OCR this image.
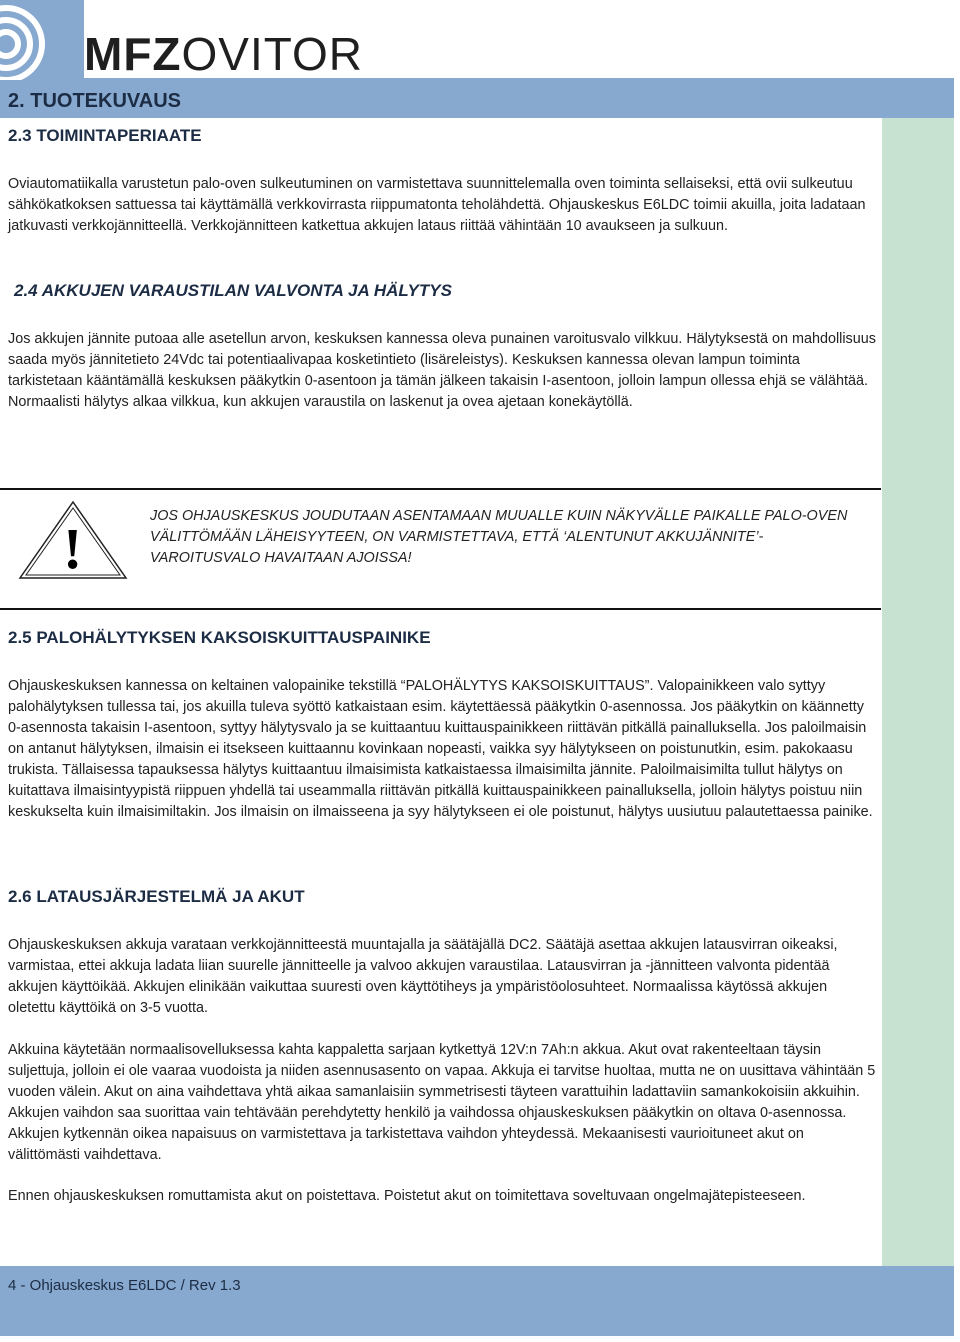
MFZOVITOR
2. TUOTEKUVAUS
2.3 TOIMINTAPERIAATE
Oviautomatiikalla varustetun palo-oven sulkeutuminen on varmistettava suunnittelemalla oven toiminta sellaiseksi, että ovii sulkeutuu sähkökatkoksen sattuessa tai käyttämällä verkkovirrasta riippumatonta teholähdettä. Ohjauskeskus E6LDC toimii akuilla, joita ladataan jatkuvasti verkkojännitteellä. Verkkojännitteen katkettua akkujen lataus riittää vähintään 10 avaukseen ja sulkuun.
2.4 AKKUJEN VARAUSTILAN VALVONTA JA HÄLYTYS
Jos akkujen jännite putoaa alle asetellun arvon, keskuksen kannessa oleva punainen varoitusvalo vilkkuu. Hälytyksestä on mahdollisuus saada myös jännitetieto 24Vdc tai potentiaalivapaa kosketintieto (lisäreleistys). Keskuksen kannessa olevan lampun toiminta tarkistetaan kääntämällä keskuksen pääkytkin 0-asentoon ja tämän jälkeen takaisin I-asentoon, jolloin lampun ollessa ehjä se välähtää. Normaalisti hälytys alkaa vilkkua, kun akkujen varaustila on laskenut ja ovea ajetaan konekäytöllä.
!	JOS OHJAUSKESKUS JOUDUTAAN ASENTAMAAN MUUALLE KUIN NÄKYVÄLLE PAIKALLE PALO-OVEN VÄLITTÖMÄÄN LÄHEISYYTEEN, ON VARMISTETTAVA, ETTÄ ‘ALENTUNUT AKKUJÄNNITE’-VAROITUSVALO HAVAITAAN AJOISSA!
2.5 PALOHÄLYTYKSEN KAKSOISKUITTAUSPAINIKE
Ohjauskeskuksen kannessa on keltainen valopainike tekstillä “PALOHÄLYTYS KAKSOISKUITTAUS”. Valopainikkeen valo syttyy palohälytyksen tullessa tai, jos akuilla tuleva syöttö katkaistaan esim. käytettäessä pääkytkin 0-asennossa. Jos pääkytkin on käännetty 0-asennosta takaisin I-asentoon, syttyy hälytysvalo ja se kuittaantuu kuittauspainikkeen riittävän pitkällä painalluksella. Jos paloilmaisin on antanut hälytyksen, ilmaisin ei itsekseen kuittaannu kovinkaan nopeasti, vaikka syy hälytykseen on poistunutkin, esim. pakokaasu trukista. Tällaisessa tapauksessa hälytys kuittaantuu ilmaisimista katkaistaessa ilmaisimilta jännite. Paloilmaisimilta tullut hälytys on kuitattava ilmaisintyypistä riippuen yhdellä tai useammalla riittävän pitkällä kuittauspainikkeen painalluksella, jolloin hälytys poistuu niin keskukselta kuin ilmaisimiltakin. Jos ilmaisin on ilmaisseena ja syy hälytykseen ei ole poistunut, hälytys uusiutuu palautettaessa painike.
2.6 LATAUSJÄRJESTELMÄ JA AKUT
Ohjauskeskuksen akkuja varataan verkkojännitteestä muuntajalla ja säätäjällä DC2. Säätäjä asettaa akkujen latausvirran oikeaksi, varmistaa, ettei akkuja ladata liian suurelle jännitteelle ja valvoo akkujen varaustilaa. Latausvirran ja -jännitteen valvonta pidentää akkujen käyttöikää. Akkujen elinikään vaikuttaa suuresti oven käyttötiheys ja ympäristöolosuhteet. Normaalissa käytössä akkujen oletettu käyttöikä on 3-5 vuotta.
Akkuina käytetään normaalisovelluksessa kahta kappaletta sarjaan kytkettyä 12V:n 7Ah:n akkua. Akut ovat rakenteeltaan täysin suljettuja, jolloin ei ole vaaraa vuodoista ja niiden asennusasento on vapaa. Akkuja ei tarvitse huoltaa, mutta ne on uusittava vähintään 5 vuoden välein. Akut on aina vaihdettava yhtä aikaa samanlaisiin symmetrisesti täyteen varattuihin ladattaviin samankokoisiin akkuihin. Akkujen vaihdon saa suorittaa vain tehtävään perehdytetty henkilö ja vaihdossa ohjauskeskuksen pääkytkin on oltava 0-asennossa. Akkujen kytkennän oikea napaisuus on varmistettava ja tarkistettava vaihdon yhteydessä. Mekaanisesti vaurioituneet akut on välittömästi vaihdettava.
Ennen ohjauskeskuksen romuttamista akut on poistettava. Poistetut akut on toimitettava soveltuvaan ongelmajätepisteeseen.
4 - Ohjauskeskus E6LDC / Rev 1.3
